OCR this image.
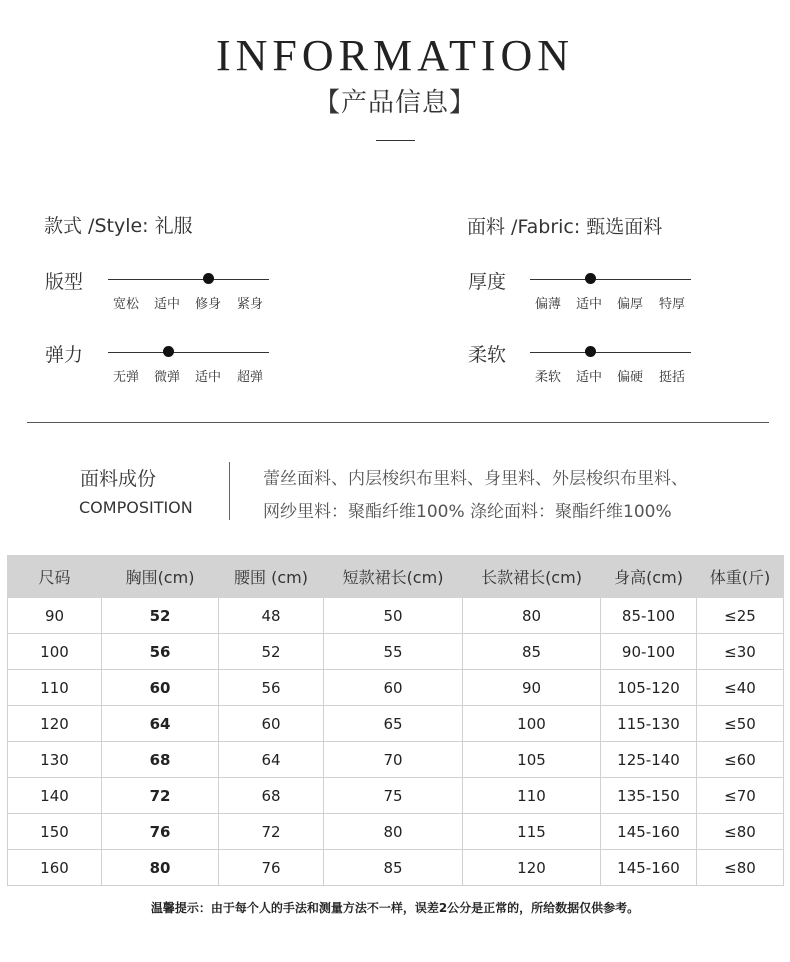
INFORMATION
【产品信息】
款式 /Style: 礼服	面料 /Fabric: 甄选面料
版型
宽松 适中 修身 紧身
厚度
偏薄 适中 偏厚 特厚
弹力
无弹 微弹 适中 超弹
柔软
柔软 适中 偏硬 挺括
面料成份
COMPOSITION
蕾丝面料、内层梭织布里料、身里料、外层梭织布里料、
网纱里料：聚酯纤维100% 涤纶面料：聚酯纤维100%
尺码	胸围(cm)	腰围 (cm)	短款裙长(cm)	长款裙长(cm)	身高(cm)	体重(斤)
90	52	48	50	80	85-100	≤25
100	56	52	55	85	90-100	≤30
110	60	56	60	90	105-120	≤40
120	64	60	65	100	115-130	≤50
130	68	64	70	105	125-140	≤60
140	72	68	75	110	135-150	≤70
150	76	72	80	115	145-160	≤80
160	80	76	85	120	145-160	≤80
温馨提示：由于每个人的手法和测量方法不一样，误差2公分是正常的，所给数据仅供参考。
